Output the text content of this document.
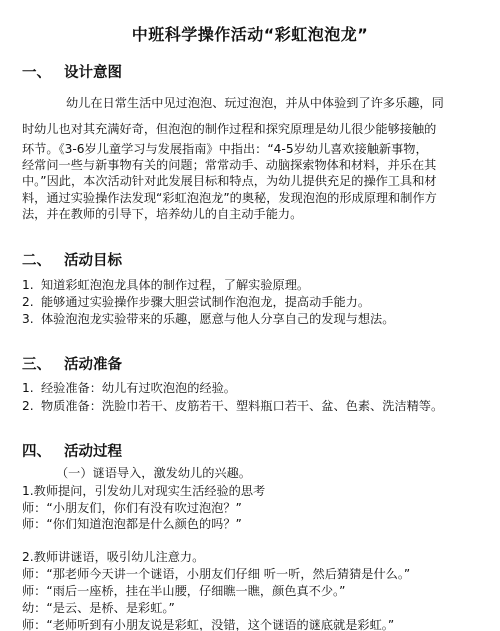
中班科学操作活动“彩虹泡泡龙”
一、 设计意图
幼儿在日常生活中见过泡泡、玩过泡泡，并从中体验到了许多乐趣，同
时幼儿也对其充满好奇，但泡泡的制作过程和探究原理是幼儿很少能够接触的
环节。《3-6岁儿童学习与发展指南》中指出：“4-5岁幼儿喜欢接触新事物，
经常问一些与新事物有关的问题；常常动手、动脑探索物体和材料，并乐在其
中。”因此，本次活动针对此发展目标和特点，为幼儿提供充足的操作工具和材
料，通过实验操作法发现“彩虹泡泡龙”的奥秘，发现泡泡的形成原理和制作方
法，并在教师的引导下，培养幼儿的自主动手能力。
二、 活动目标
1. 知道彩虹泡泡龙具体的制作过程，了解实验原理。
2. 能够通过实验操作步骤大胆尝试制作泡泡龙，提高动手能力。
3. 体验泡泡龙实验带来的乐趣，愿意与他人分享自己的发现与想法。
三、 活动准备
1. 经验准备：幼儿有过吹泡泡的经验。
2. 物质准备：洗脸巾若干、皮筋若干、塑料瓶口若干、盆、色素、洗洁精等。
四、 活动过程
（一）谜语导入，激发幼儿的兴趣。
1.教师提问，引发幼儿对现实生活经验的思考
师：“小朋友们，你们有没有吹过泡泡？”
师：“你们知道泡泡都是什么颜色的吗？”
2.教师讲谜语，吸引幼儿注意力。
师：“那老师今天讲一个谜语，小朋友们仔细 听一听，然后猜猜是什么。”
师：“雨后一座桥，挂在半山腰，仔细瞧一瞧，颜色真不少。”
幼：“是云、是桥、是彩虹。”
师：“老师听到有小朋友说是彩虹，没错，这个谜语的谜底就是彩虹。”
